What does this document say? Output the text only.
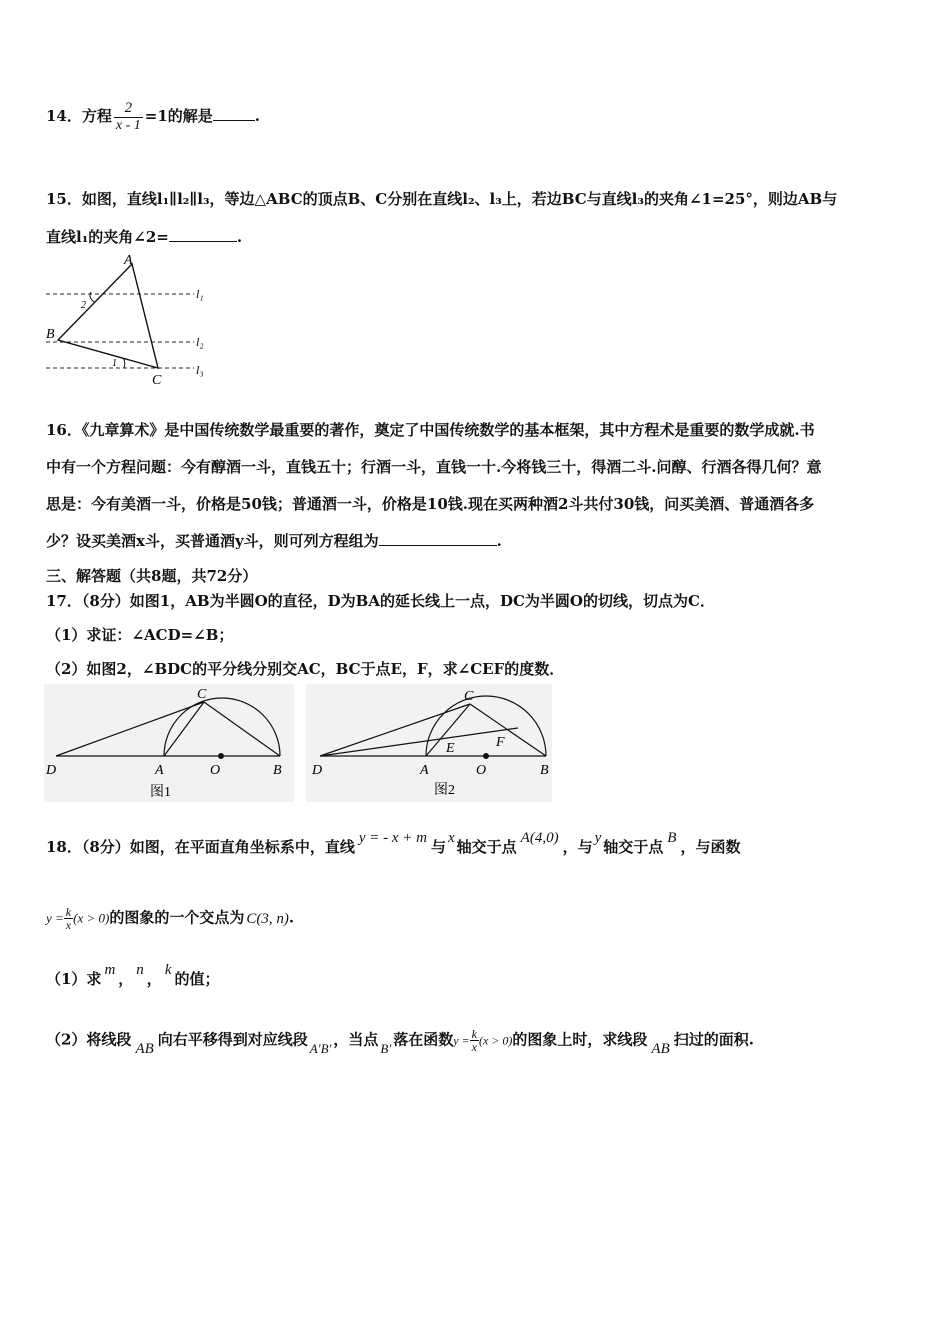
14．方程 $\frac{2}{x - 1} =1$的解是	.
15．如图，直线l₁∥l₂∥l₃，等边△ABC的顶点B、C分别在直线l₂、l₃上，若边BC与直线l₃的夹角∠1=25°，则边AB与
直线l₁的夹角∠2=	.
A
B
C
l₁
l₂
l₃
2
1
16．《九章算术》是中国传统数学最重要的著作，奠定了中国传统数学的基本框架，其中方程术是重要的数学成就.书
中有一个方程问题：今有醇酒一斗，直钱五十；行酒一斗，直钱一十.今将钱三十，得酒二斗.问醇、行酒各得几何？意
思是：今有美酒一斗，价格是50钱；普通酒一斗，价格是10钱.现在买两种酒2斗共付30钱，问买美酒、普通酒各多
少？设买美酒x斗，买普通酒y斗，则可列方程组为	.
三、解答题（共8题，共72分）
17．（8分）如图1，AB为半圆O的直径，D为BA的延长线上一点，DC为半圆O的切线，切点为C．
（1）求证：∠ACD=∠B；
（2）如图2，∠BDC的平分线分别交AC，BC于点E，F，求∠CEF的度数．
C
D	A	O	B
图1
C
E	F
D	A	O	B
图2
18．（8分）如图，在平面直角坐标系中，直线 y = - x + m 与 x 轴交于点 A(4,0) ，与 y 轴交于点 B ，与函数
$y = \frac{k}{x} (x > 0)$的图象的一个交点为 C(3, n).
（1）求 m ， n ， k 的值；
（2）将线段 AB 向右平移得到对应线段 A′B′ ，当点 B′ 落在函数$y = \frac{k}{x} (x > 0)$的图象上时，求线段 AB 扫过的面积.
